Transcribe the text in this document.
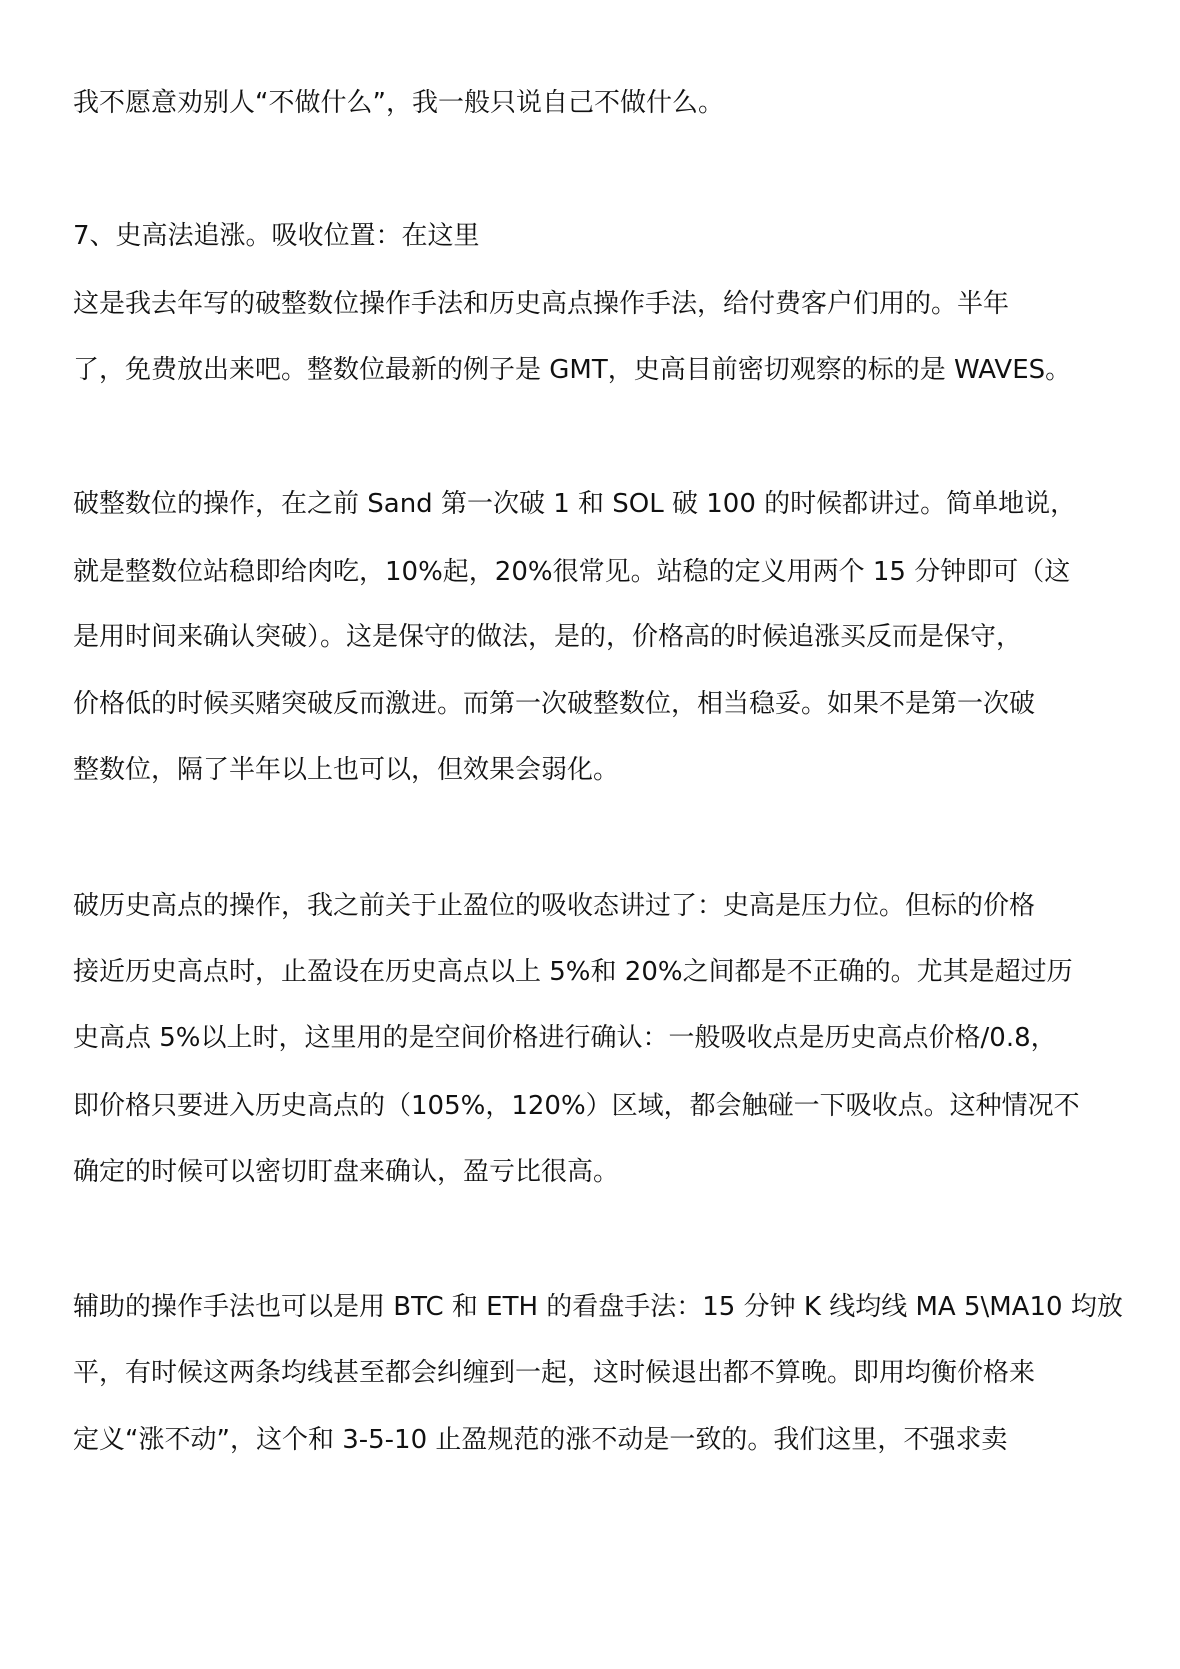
我不愿意劝别人“不做什么”，我一般只说自己不做什么。
7、史高法追涨。吸收位置：在这里
这是我去年写的破整数位操作手法和历史高点操作手法，给付费客户们用的。半年
了，免费放出来吧。整数位最新的例子是 GMT，史高目前密切观察的标的是 WAVES。
破整数位的操作，在之前 Sand 第一次破 1 和 SOL 破 100 的时候都讲过。简单地说，
就是整数位站稳即给肉吃，10%起，20%很常见。站稳的定义用两个 15 分钟即可（这
是用时间来确认突破）。这是保守的做法，是的，价格高的时候追涨买反而是保守，
价格低的时候买赌突破反而激进。而第一次破整数位，相当稳妥。如果不是第一次破
整数位，隔了半年以上也可以，但效果会弱化。
破历史高点的操作，我之前关于止盈位的吸收态讲过了：史高是压力位。但标的价格
接近历史高点时，止盈设在历史高点以上 5%和 20%之间都是不正确的。尤其是超过历
史高点 5%以上时，这里用的是空间价格进行确认：一般吸收点是历史高点价格/0.8，
即价格只要进入历史高点的（105%，120%）区域，都会触碰一下吸收点。这种情况不
确定的时候可以密切盯盘来确认，盈亏比很高。
辅助的操作手法也可以是用 BTC 和 ETH 的看盘手法：15 分钟 K 线均线 MA 5\MA10 均放
平，有时候这两条均线甚至都会纠缠到一起，这时候退出都不算晚。即用均衡价格来
定义“涨不动”，这个和 3-5-10 止盈规范的涨不动是一致的。我们这里，不强求卖
